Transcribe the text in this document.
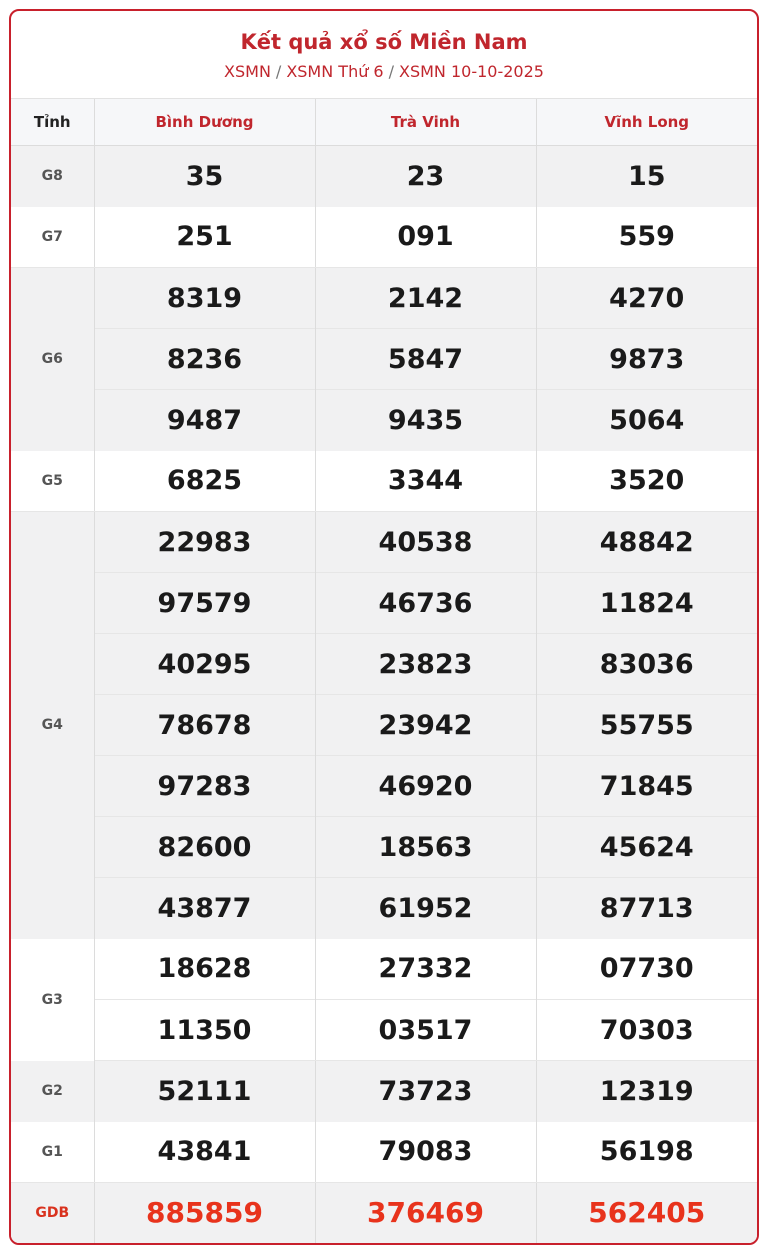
Kết quả xổ số Miền Nam
XSMN / XSMN Thứ 6 / XSMN 10-10-2025
Tỉnh	Bình Dương	Trà Vinh	Vĩnh Long
G8	35	23	15
G7	251	091	559
G6	8319	2142	4270
	8236	5847	9873
	9487	9435	5064
G5	6825	3344	3520
G4	22983	40538	48842
	97579	46736	11824
	40295	23823	83036
	78678	23942	55755
	97283	46920	71845
	82600	18563	45624
	43877	61952	87713
G3	18628	27332	07730
	11350	03517	70303
G2	52111	73723	12319
G1	43841	79083	56198
GDB	885859	376469	562405
